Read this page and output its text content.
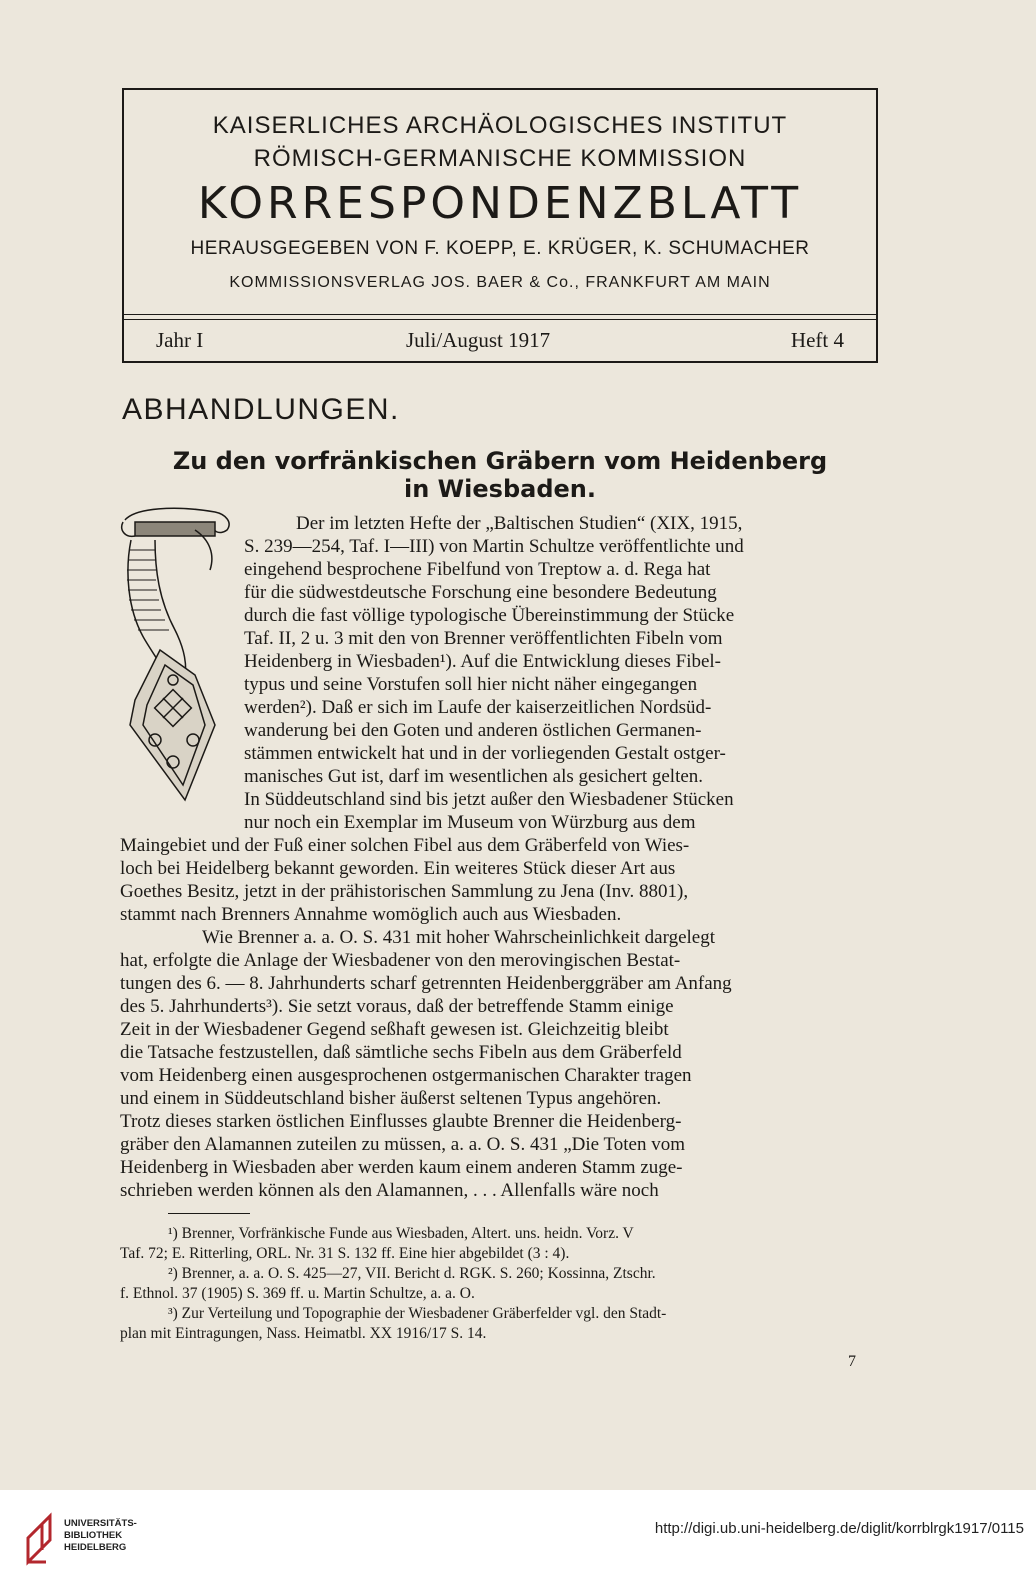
KAISERLICHES ARCHÄOLOGISCHES INSTITUT
RÖMISCH-GERMANISCHE KOMMISSION
KORRESPONDENZBLATT
HERAUSGEGEBEN VON F. KOEPP, E. KRÜGER, K. SCHUMACHER
KOMMISSIONSVERLAG JOS. BAER & Co., FRANKFURT AM MAIN
Jahr I	Juli/August 1917	Heft 4
ABHANDLUNGEN.
Zu den vorfränkischen Gräbern vom Heidenberg
in Wiesbaden.
Der im letzten Hefte der „Baltischen Studien“ (XIX, 1915,
S. 239—254, Taf. I—III) von Martin Schultze veröffentlichte und
eingehend besprochene Fibelfund von Treptow a. d. Rega hat
für die südwestdeutsche Forschung eine besondere Bedeutung
durch die fast völlige typologische Übereinstimmung der Stücke
Taf. II, 2 u. 3 mit den von Brenner veröffentlichten Fibeln vom
Heidenberg in Wiesbaden¹). Auf die Entwicklung dieses Fibel-
typus und seine Vorstufen soll hier nicht näher eingegangen
werden²). Daß er sich im Laufe der kaiserzeitlichen Nordsüd-
wanderung bei den Goten und anderen östlichen Germanen-
stämmen entwickelt hat und in der vorliegenden Gestalt ostger-
manisches Gut ist, darf im wesentlichen als gesichert gelten.
In Süddeutschland sind bis jetzt außer den Wiesbadener Stücken
nur noch ein Exemplar im Museum von Würzburg aus dem
Maingebiet und der Fuß einer solchen Fibel aus dem Gräberfeld von Wies-
loch bei Heidelberg bekannt geworden. Ein weiteres Stück dieser Art aus
Goethes Besitz, jetzt in der prähistorischen Sammlung zu Jena (Inv. 8801),
stammt nach Brenners Annahme womöglich auch aus Wiesbaden.
Wie Brenner a. a. O. S. 431 mit hoher Wahrscheinlichkeit dargelegt
hat, erfolgte die Anlage der Wiesbadener von den merovingischen Bestat-
tungen des 6. — 8. Jahrhunderts scharf getrennten Heidenberggräber am Anfang
des 5. Jahrhunderts³). Sie setzt voraus, daß der betreffende Stamm einige
Zeit in der Wiesbadener Gegend seßhaft gewesen ist. Gleichzeitig bleibt
die Tatsache festzustellen, daß sämtliche sechs Fibeln aus dem Gräberfeld
vom Heidenberg einen ausgesprochenen ostgermanischen Charakter tragen
und einem in Süddeutschland bisher äußerst seltenen Typus angehören.
Trotz dieses starken östlichen Einflusses glaubte Brenner die Heidenberg-
gräber den Alamannen zuteilen zu müssen, a. a. O. S. 431 „Die Toten vom
Heidenberg in Wiesbaden aber werden kaum einem anderen Stamm zuge-
schrieben werden können als den Alamannen, . . . Allenfalls wäre noch
¹) Brenner, Vorfränkische Funde aus Wiesbaden, Altert. uns. heidn. Vorz. V
Taf. 72; E. Ritterling, ORL. Nr. 31 S. 132 ff. Eine hier abgebildet (3 : 4).
²) Brenner, a. a. O. S. 425—27, VII. Bericht d. RGK. S. 260; Kossinna, Ztschr.
f. Ethnol. 37 (1905) S. 369 ff. u. Martin Schultze, a. a. O.
³) Zur Verteilung und Topographie der Wiesbadener Gräberfelder vgl. den Stadt-
plan mit Eintragungen, Nass. Heimatbl. XX 1916/17 S. 14.
7
UNIVERSITÄTS-
BIBLIOTHEK
HEIDELBERG
http://digi.ub.uni-heidelberg.de/diglit/korrblrgk1917/0115
